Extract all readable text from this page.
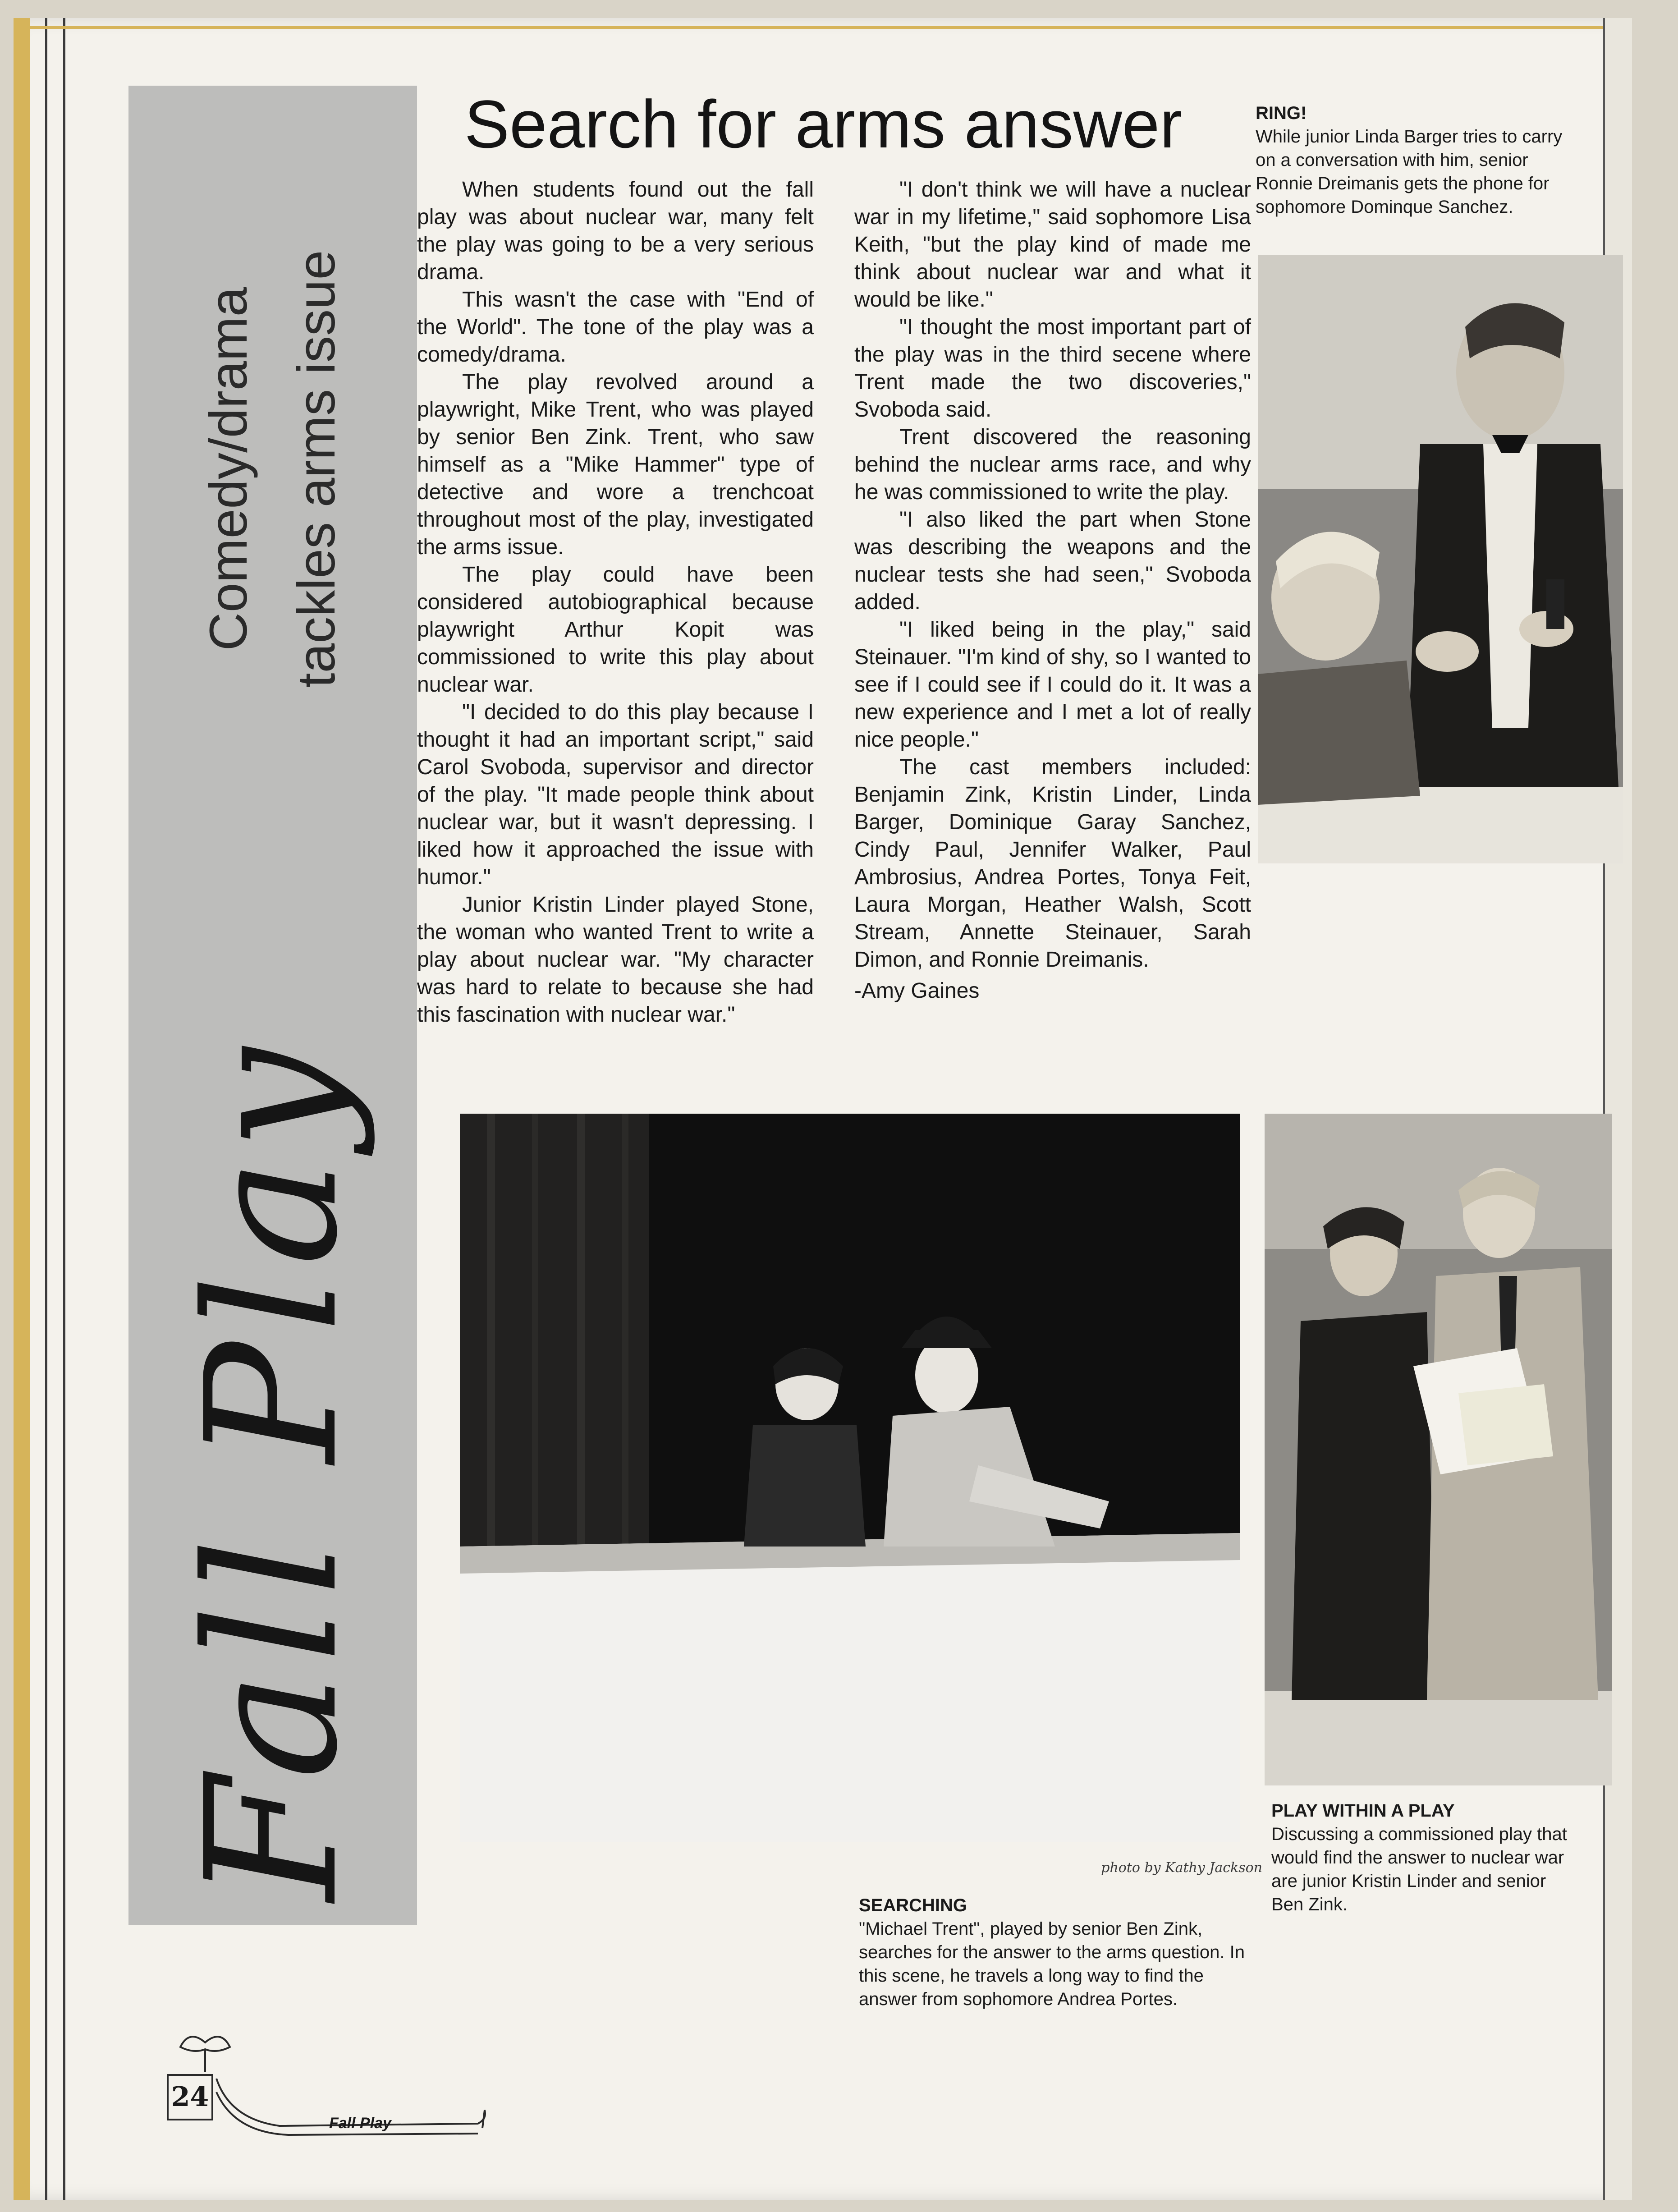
Comedy/drama tackles arms issue
Fall Play
Search for arms answer

When students found out the fall play was about nuclear war, many felt the play was going to be a very serious drama.

This wasn't the case with "End of the World". The tone of the play was a comedy/drama.

The play revolved around a playwright, Mike Trent, who was played by senior Ben Zink. Trent, who saw himself as a "Mike Hammer" type of detective and wore a trenchcoat throughout most of the play, investigated the arms issue.

The play could have been considered autobiographical because playwright Arthur Kopit was commissioned to write this play about nuclear war.

"I decided to do this play because I thought it had an important script," said Carol Svoboda, supervisor and director of the play. "It made people think about nuclear war, but it wasn't depressing. I liked how it approached the issue with humor."

Junior Kristin Linder played Stone, the woman who wanted Trent to write a play about nuclear war. "My character was hard to relate to because she had this fascination with nuclear war."

"I don't think we will have a nuclear war in my lifetime," said sophomore Lisa Keith, "but the play kind of made me think about nuclear war and what it would be like."

"I thought the most important part of the play was in the third secene where Trent made the two discoveries," Svoboda said.

Trent discovered the reasoning behind the nuclear arms race, and why he was commissioned to write the play.

"I also liked the part when Stone was describing the weapons and the nuclear tests she had seen," Svoboda added.

"I liked being in the play," said Steinauer. "I'm kind of shy, so I wanted to see if I could see if I could do it. It was a new experience and I met a lot of really nice people."

The cast members included: Benjamin Zink, Kristin Linder, Linda Barger, Dominique Garay Sanchez, Cindy Paul, Jennifer Walker, Paul Ambrosius, Andrea Portes, Tonya Feit, Laura Morgan, Heather Walsh, Scott Stream, Annette Steinauer, Sarah Dimon, and Ronnie Dreimanis.

-Amy Gaines

RING!
While junior Linda Barger tries to carry on a conversation with him, senior Ronnie Dreimanis gets the phone for sophomore Dominque Sanchez.
photo by Kathy Jackson
PLAY WITHIN A PLAY
Discussing a commissioned play that would find the answer to nuclear war are junior Kristin Linder and senior Ben Zink.
SEARCHING
"Michael Trent", played by senior Ben Zink, searches for the answer to the arms question. In this scene, he travels a long way to find the answer from sophomore Andrea Portes.
24
Fall Play
